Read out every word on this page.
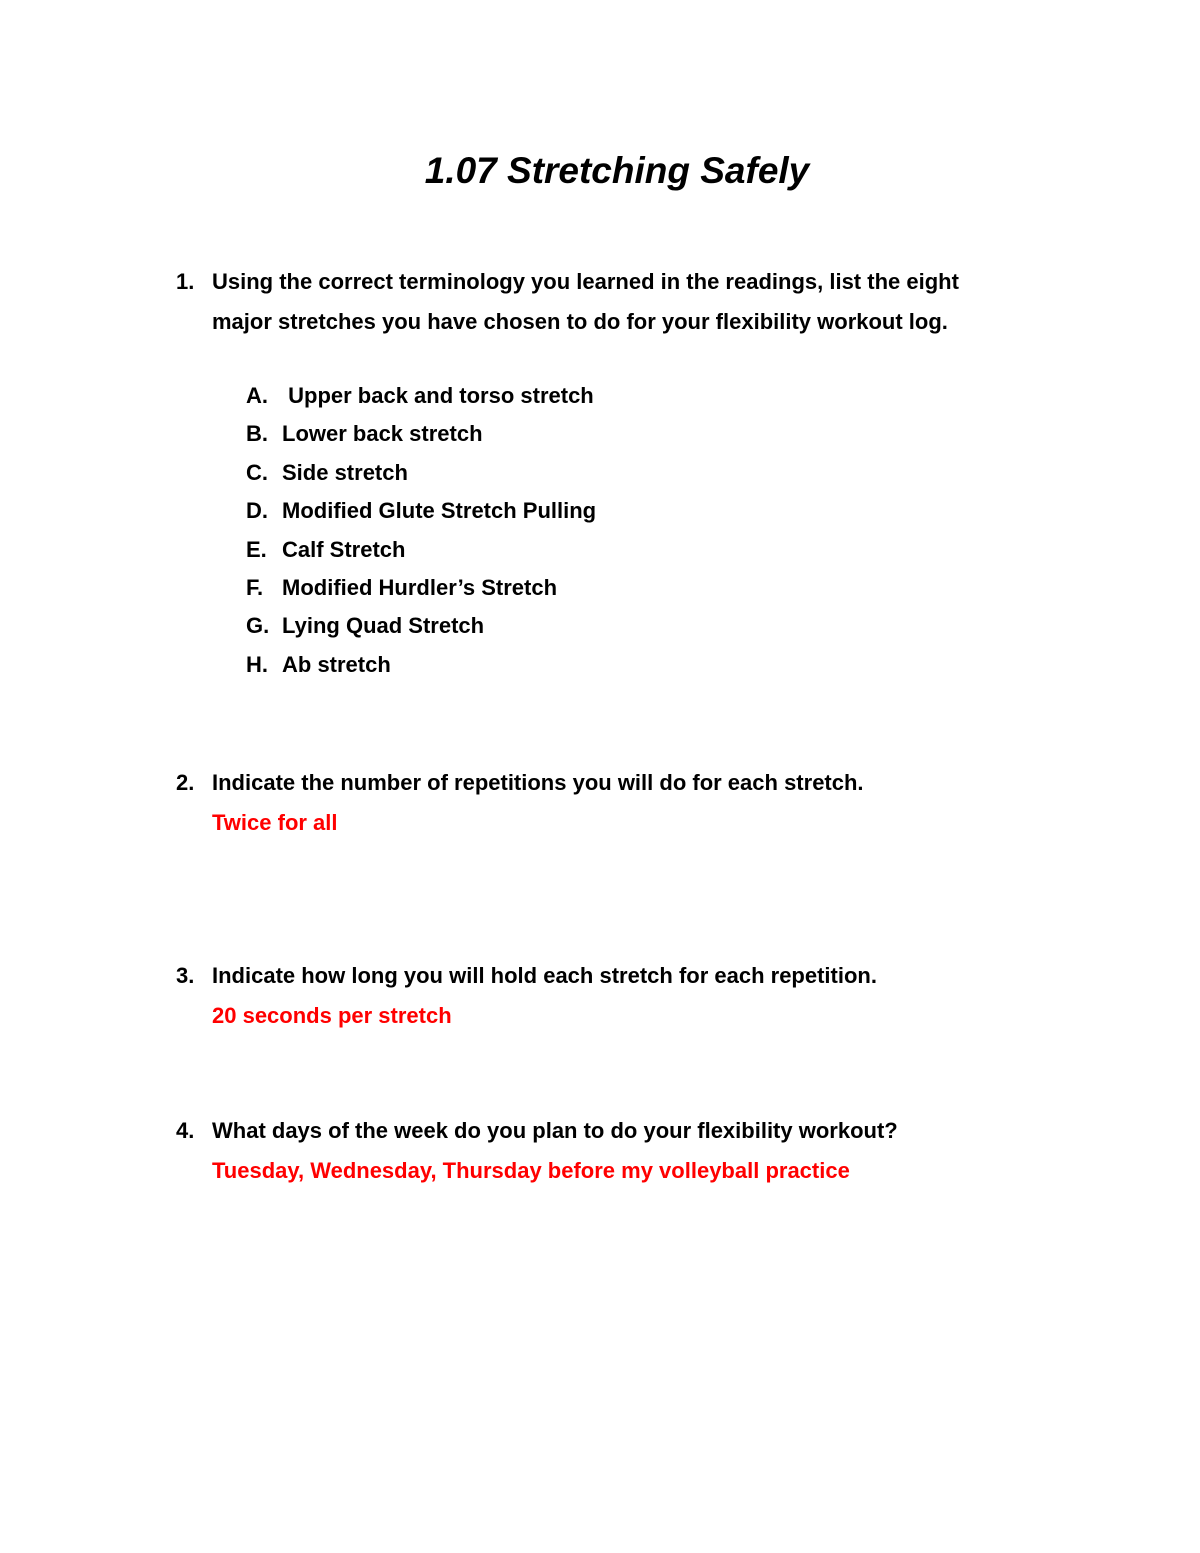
1.07 Stretching Safely
1. Using the correct terminology you learned in the readings, list the eight
major stretches you have chosen to do for your flexibility workout log.
A. Upper back and torso stretch
B. Lower back stretch
C. Side stretch
D. Modified Glute Stretch Pulling
E. Calf Stretch
F. Modified Hurdler’s Stretch
G. Lying Quad Stretch
H. Ab stretch
2. Indicate the number of repetitions you will do for each stretch.
Twice for all
3. Indicate how long you will hold each stretch for each repetition.
20 seconds per stretch
4. What days of the week do you plan to do your flexibility workout?
Tuesday, Wednesday, Thursday before my volleyball practice
